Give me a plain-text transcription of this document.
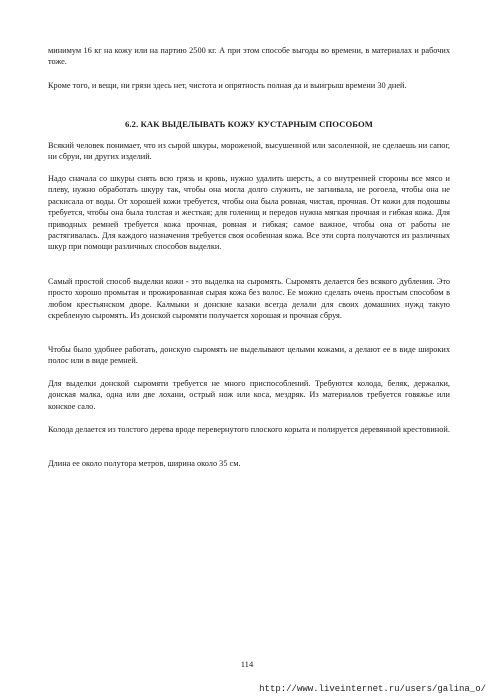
минимум 16 кг на кожу или на партию 2500 кг. А при этом способе выгоды во времени, в материалах и рабочих тоже.

Кроме того, и вещи, ни грязи здесь нет, чистота и опрятность полная да и выигрыш времени 30 дней.

6.2. КАК ВЫДЕЛЫВАТЬ КОЖУ КУСТАРНЫМ СПОСОБОМ

Всякий человек понимает, что из сырой шкуры, мороженой, высушенной или засоленной, не сделаешь ни сапог, ни сбруи, ни других изделий.

Надо сначала со шкуры снять всю грязь и кровь, нужно удалить шерсть, а со внутренней стороны все мясо и плеву, нужно обработать шкуру так, чтобы она могла долго служить, не загнивала, не рогоела, чтобы она не раскисала от воды. От хорошей кожи требуется, чтобы она была ровная, чистая, прочная. От кожи для подошвы требуется, чтобы она была толстая и жесткая; для голенищ и передов нужна мягкая прочная и гибкая кожа. Для приводных ремней требуется кожа прочная, ровная и гибкая; самое важное, чтобы она от работы не растягивалась. Для каждого назначения требуется своя особенная кожа. Все эти сорта получаются из различных шкур при помощи различных способов выделки.

Самый простой способ выделки кожи - это выделка на сыромять. Сыромять делается без всякого дубления. Это просто хорошо промытая и прожированная сырая кожа без волос. Ее можно сделать очень простым способом в любом крестьянском дворе. Калмыки и донские казаки всегда делали для своих домашних нужд такую скребленую сыромять. Из донской сыромяти получается хорошая и прочная сбруя.

Чтобы было удобнее работать, донскую сыромять не выделывают целыми кожами, а делают ее в виде широких полос или в виде ремней.

Для выделки донской сыромяти требуется не много приспособлений. Требуются колода, беляк, держалки, донская малка, одна или две лохани, острый нож или коса, мездряк. Из материалов требуется говяжье или конское сало.

Колода делается из толстого дерева вроде перевернутого плоского корыта и полируется деревянной крестовиной.

Длина ее около полутора метров, ширина около 35 см.

114
http://www.liveinternet.ru/users/galina_o/
